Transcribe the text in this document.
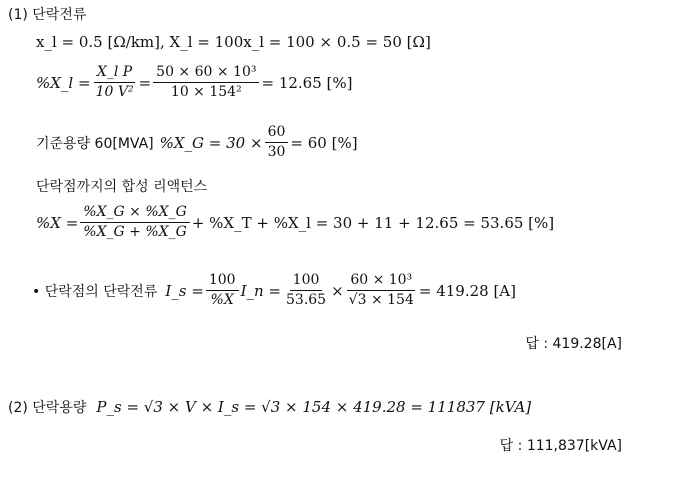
(1) 단락전류
x_l = 0.5 [Ω/km], X_l = 100x_l = 100 × 0.5 = 50 [Ω]
%X_l = $\frac{\text{X\_l P}}{\text{10 V²}} = \frac{\text{50 × 60 × 10³}}{\text{10 × 154²}} = 12.65$ [%]
기준용량 60[MVA] %X_G = $30 \times \frac{60}{30} = 60$ [%]
단락점까지의 합성 리액턴스
$\%X = \frac{\%X\_G \times \%X\_G}{\%X\_G + \%X\_G}$ + %X_T + %X_l = 30 + 11 + 12.65 = 53.65 [%]
• 단락점의 단락전류 I_s = $\frac{100}{\%X}$ I_n = $\frac{100}{53.65} \times \frac{\text{60 × 10³}}{√3 \times 154} = 419.28$ [A]
답 : 419.28[A]
(2) 단락용량 P_s = √3 × V × I_s = √3 × 154 × 419.28 = 111837 [kVA]
답 : 111,837[kVA]
